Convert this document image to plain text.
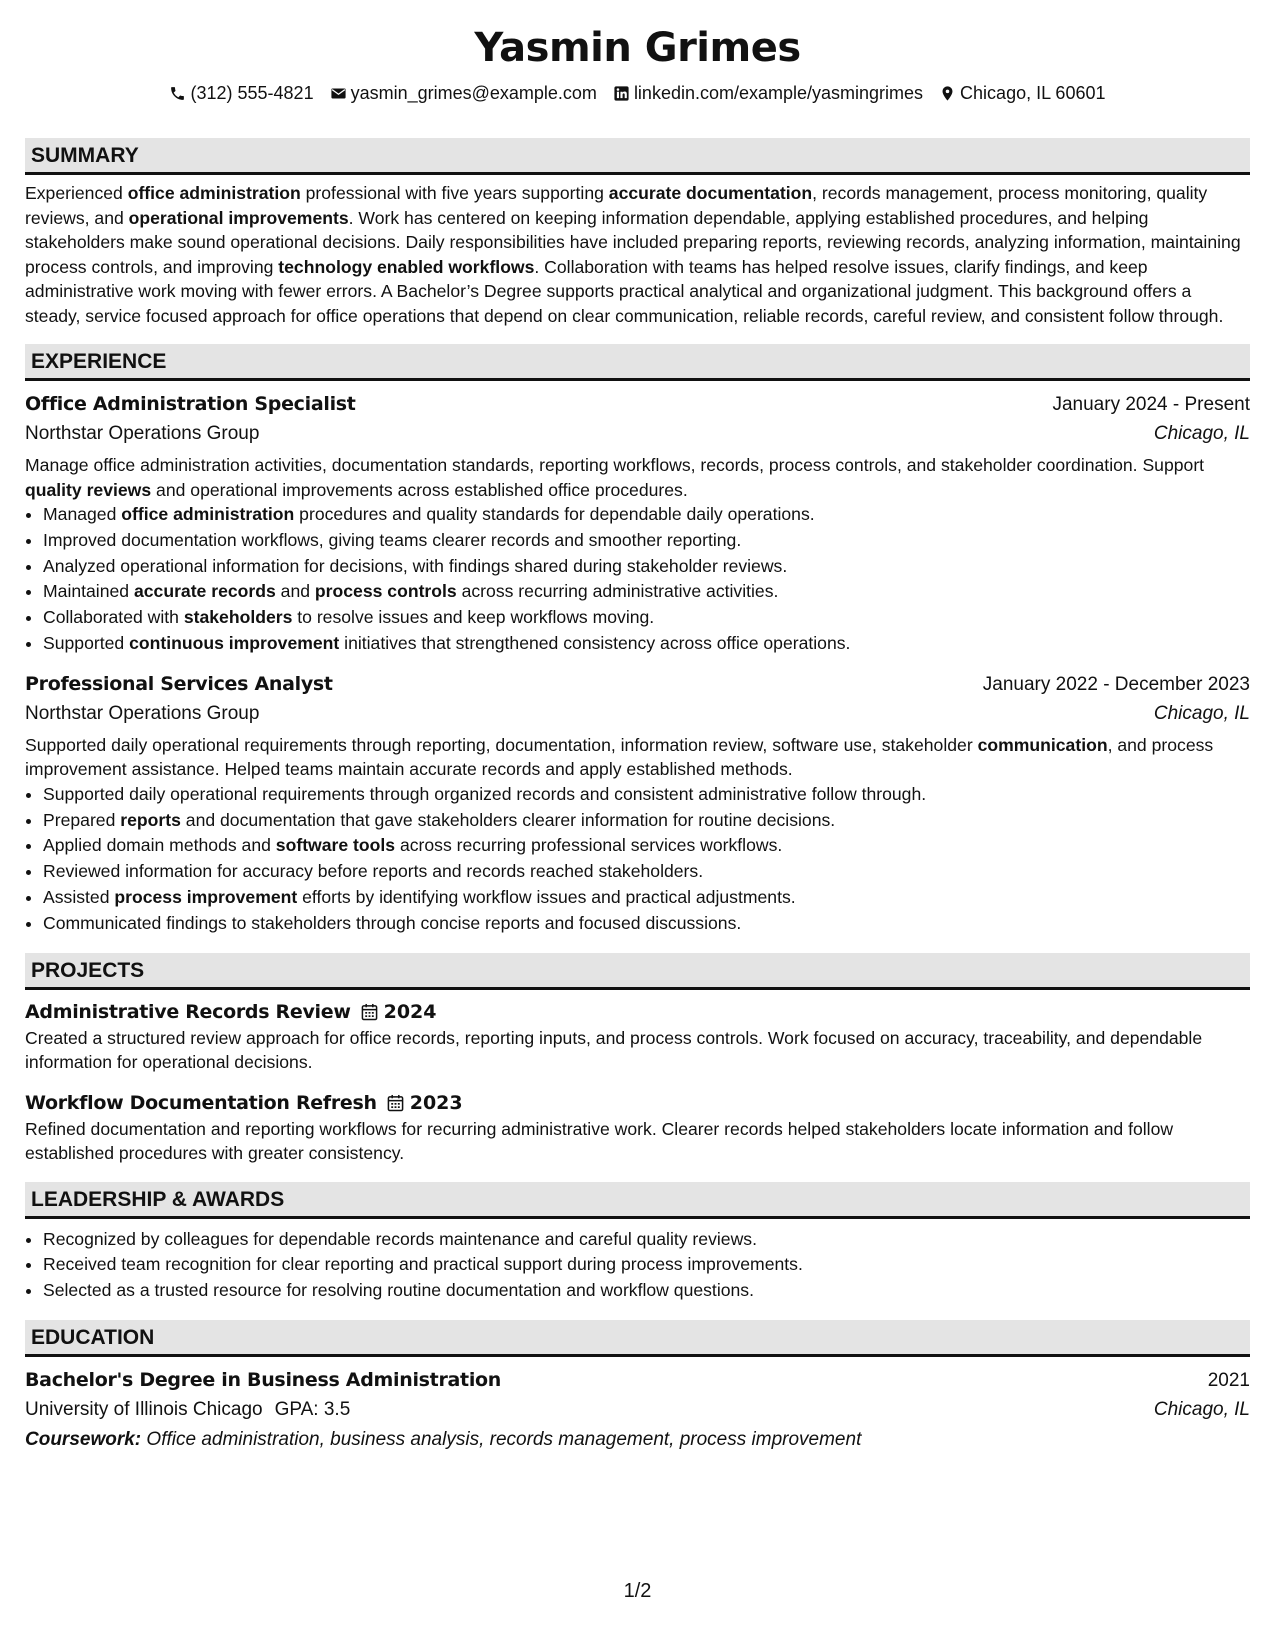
Yasmin Grimes
(312) 555-4821 yasmin_grimes@example.com linkedin.com/example/yasmingrimes Chicago, IL 60601
SUMMARY
Experienced office administration professional with five years supporting accurate documentation, records management, process monitoring, quality reviews, and operational improvements. Work has centered on keeping information dependable, applying established procedures, and helping stakeholders make sound operational decisions. Daily responsibilities have included preparing reports, reviewing records, analyzing information, maintaining process controls, and improving technology enabled workflows. Collaboration with teams has helped resolve issues, clarify findings, and keep administrative work moving with fewer errors. A Bachelor’s Degree supports practical analytical and organizational judgment. This background offers a steady, service focused approach for office operations that depend on clear communication, reliable records, careful review, and consistent follow through.
EXPERIENCE
Office Administration Specialist	January 2024 - Present
Northstar Operations Group	Chicago, IL
Manage office administration activities, documentation standards, reporting workflows, records, process controls, and stakeholder coordination. Support quality reviews and operational improvements across established office procedures.
• Managed office administration procedures and quality standards for dependable daily operations.
• Improved documentation workflows, giving teams clearer records and smoother reporting.
• Analyzed operational information for decisions, with findings shared during stakeholder reviews.
• Maintained accurate records and process controls across recurring administrative activities.
• Collaborated with stakeholders to resolve issues and keep workflows moving.
• Supported continuous improvement initiatives that strengthened consistency across office operations.
Professional Services Analyst	January 2022 - December 2023
Northstar Operations Group	Chicago, IL
Supported daily operational requirements through reporting, documentation, information review, software use, stakeholder communication, and process improvement assistance. Helped teams maintain accurate records and apply established methods.
• Supported daily operational requirements through organized records and consistent administrative follow through.
• Prepared reports and documentation that gave stakeholders clearer information for routine decisions.
• Applied domain methods and software tools across recurring professional services workflows.
• Reviewed information for accuracy before reports and records reached stakeholders.
• Assisted process improvement efforts by identifying workflow issues and practical adjustments.
• Communicated findings to stakeholders through concise reports and focused discussions.
PROJECTS
Administrative Records Review 2024
Created a structured review approach for office records, reporting inputs, and process controls. Work focused on accuracy, traceability, and dependable information for operational decisions.
Workflow Documentation Refresh 2023
Refined documentation and reporting workflows for recurring administrative work. Clearer records helped stakeholders locate information and follow established procedures with greater consistency.
LEADERSHIP & AWARDS
• Recognized by colleagues for dependable records maintenance and careful quality reviews.
• Received team recognition for clear reporting and practical support during process improvements.
• Selected as a trusted resource for resolving routine documentation and workflow questions.
EDUCATION
Bachelor's Degree in Business Administration	2021
University of Illinois Chicago GPA: 3.5	Chicago, IL
Coursework: Office administration, business analysis, records management, process improvement
1/2
